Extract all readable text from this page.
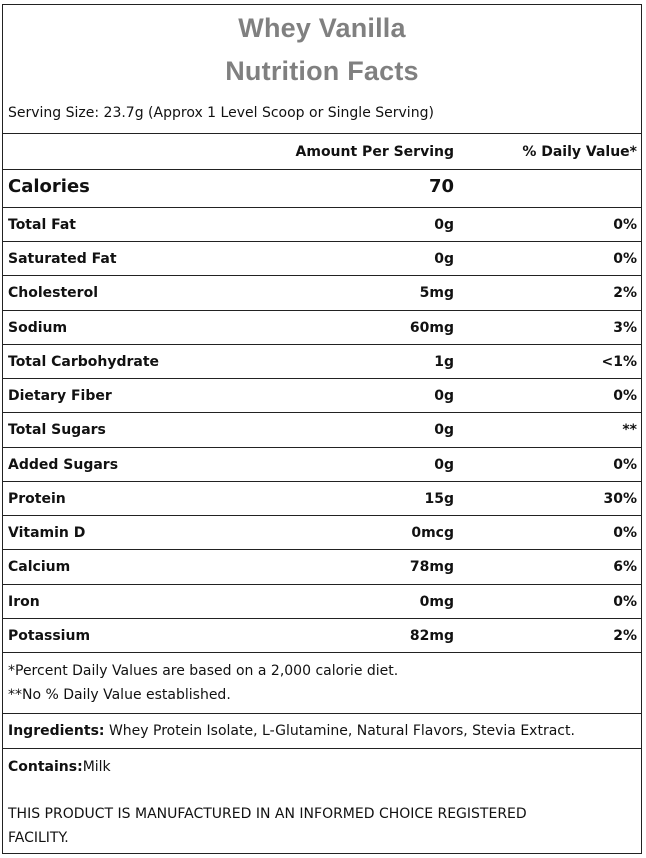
Whey Vanilla
Nutrition Facts
Serving Size: 23.7g (Approx 1 Level Scoop or Single Serving)
Amount Per Serving	% Daily Value*
Calories	70
Total Fat	0g	0%
Saturated Fat	0g	0%
Cholesterol	5mg	2%
Sodium	60mg	3%
Total Carbohydrate	1g	<1%
Dietary Fiber	0g	0%
Total Sugars	0g	**
Added Sugars	0g	0%
Protein	15g	30%
Vitamin D	0mcg	0%
Calcium	78mg	6%
Iron	0mg	0%
Potassium	82mg	2%
*Percent Daily Values are based on a 2,000 calorie diet.
**No % Daily Value established.
Ingredients: Whey Protein Isolate, L-Glutamine, Natural Flavors, Stevia Extract.
Contains:Milk
THIS PRODUCT IS MANUFACTURED IN AN INFORMED CHOICE REGISTERED
FACILITY.
